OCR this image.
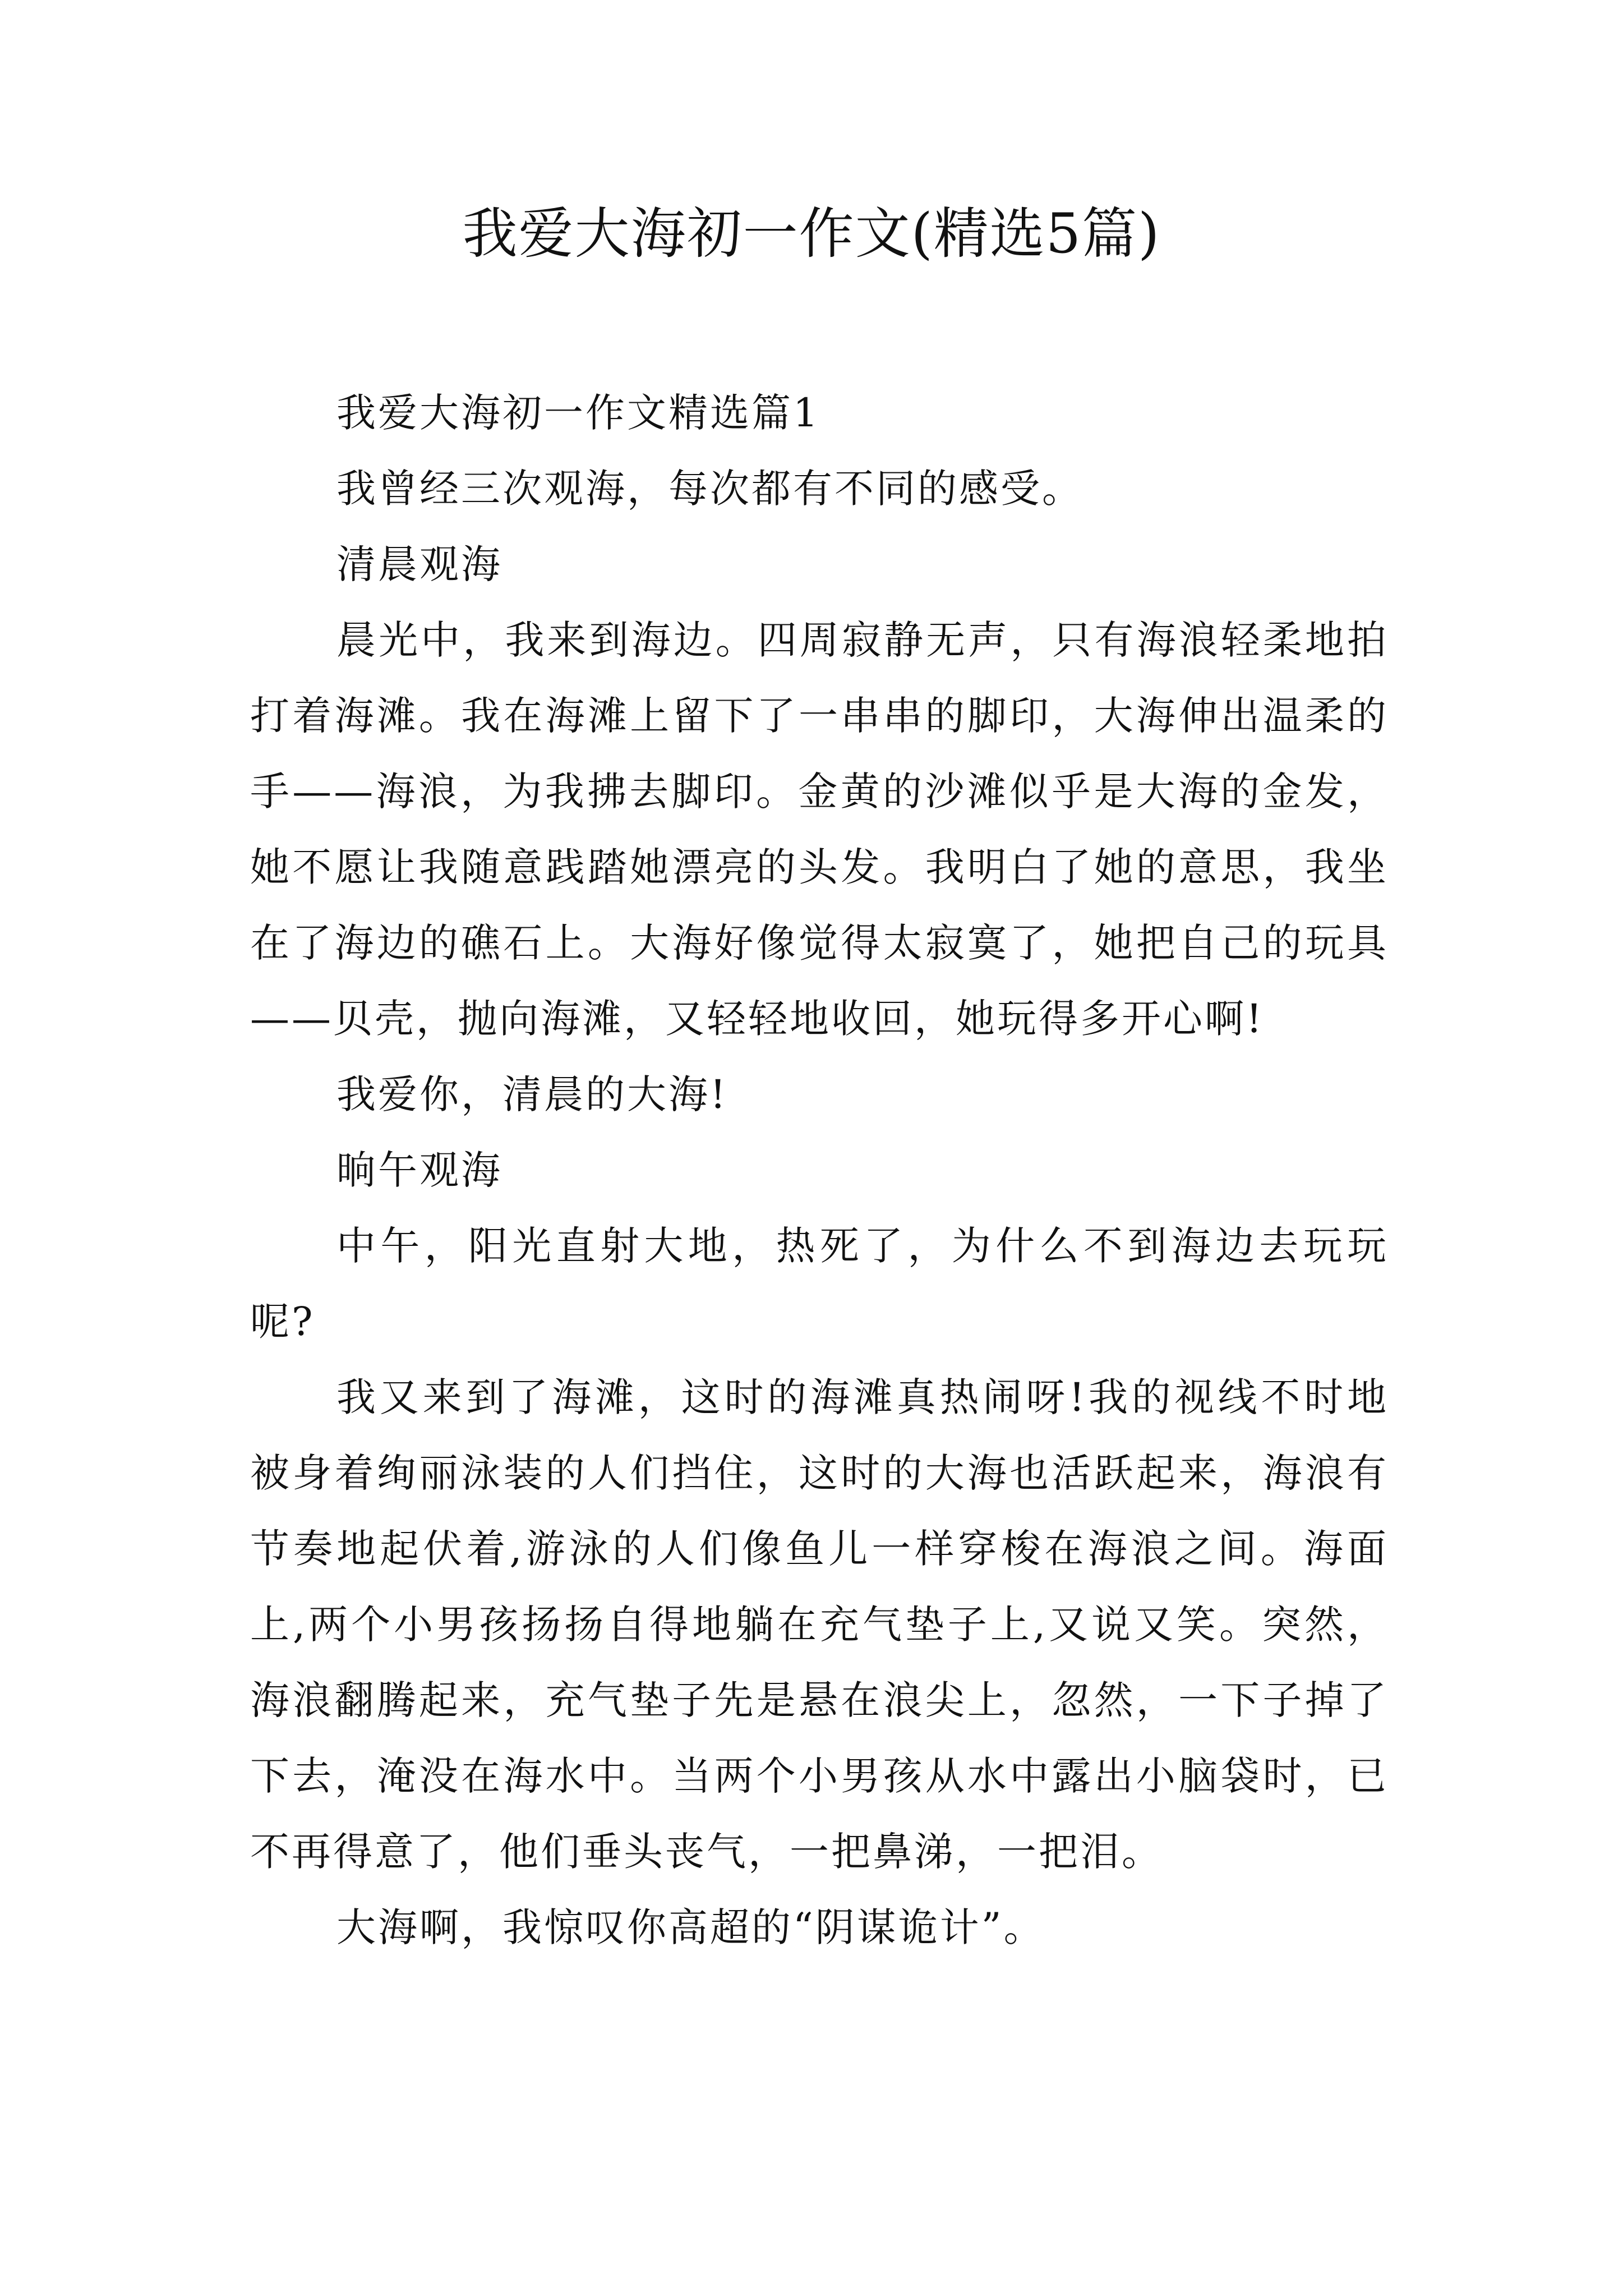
我爱大海初一作文(精选5篇)

我爱大海初一作文精选篇1

我曾经三次观海，每次都有不同的感受。

清晨观海

晨光中，我来到海边。四周寂静无声，只有海浪轻柔地拍打着海滩。我在海滩上留下了一串串的脚印，大海伸出温柔的手——海浪，为我拂去脚印。金黄的沙滩似乎是大海的金发，她不愿让我随意践踏她漂亮的头发。我明白了她的意思，我坐在了海边的礁石上。大海好像觉得太寂寞了，她把自己的玩具——贝壳，抛向海滩，又轻轻地收回，她玩得多开心啊!

我爱你，清晨的大海!

晌午观海

中午，阳光直射大地，热死了，为什么不到海边去玩玩呢?

我又来到了海滩，这时的海滩真热闹呀!我的视线不时地被身着绚丽泳装的人们挡住，这时的大海也活跃起来，海浪有节奏地起伏着,游泳的人们像鱼儿一样穿梭在海浪之间。海面上,两个小男孩扬扬自得地躺在充气垫子上,又说又笑。突然，海浪翻腾起来，充气垫子先是悬在浪尖上，忽然，一下子掉了下去，淹没在海水中。当两个小男孩从水中露出小脑袋时，已不再得意了，他们垂头丧气，一把鼻涕，一把泪。

大海啊，我惊叹你高超的“阴谋诡计”。
